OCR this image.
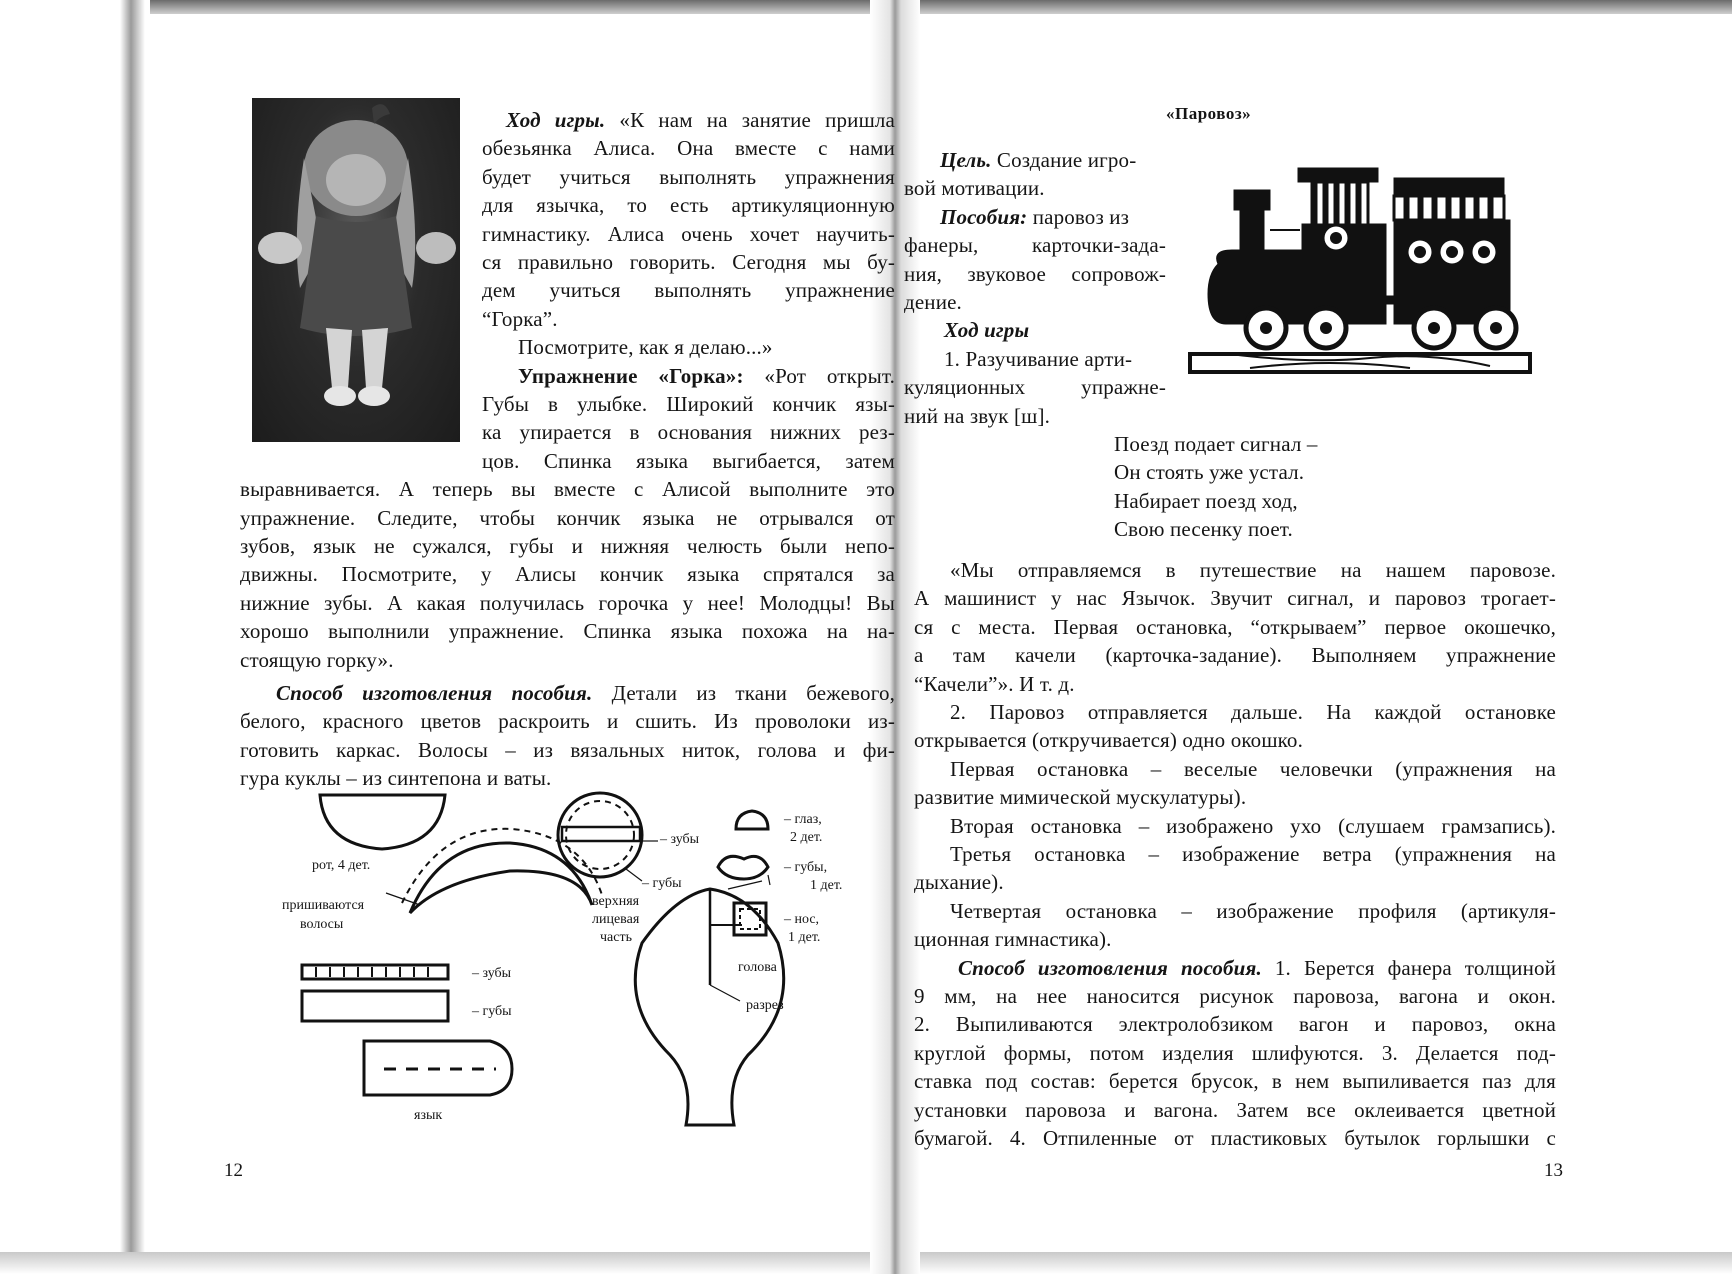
Ход игры. «К нам на занятие пришла
обезьянка Алиса. Она вместе с нами
будет учиться выполнять упражнения
для язычка, то есть артикуляционную
гимнастику. Алиса очень хочет научить-
ся правильно говорить. Сегодня мы бу-
дем учиться выполнять упражнение
“Горка”.
Посмотрите, как я делаю...»
Упражнение «Горка»: «Рот открыт.
Губы в улыбке. Широкий кончик язы-
ка упирается в основания нижних рез-
цов. Спинка языка выгибается, затем
выравнивается. А теперь вы вместе с Алисой выполните это
упражнение. Следите, чтобы кончик языка не отрывался от
зубов, язык не сужался, губы и нижняя челюсть были непо-
движны. Посмотрите, у Алисы кончик языка спрятался за
нижние зубы. А какая получилась горочка у нее! Молодцы! Вы
хорошо выполнили упражнение. Спинка языка похожа на на-
стоящую горку».
Способ изготовления пособия. Детали из ткани бежевого,
белого, красного цветов раскроить и сшить. Из проволоки из-
готовить каркас. Волосы – из вязальных ниток, голова и фи-
гура куклы – из синтепона и ваты.
рот, 4 дет.
пришиваются
волосы
– зубы
– губы
верхняя
лицевая
часть
– глаз,
2 дет.
– губы,
1 дет.
– нос,
1 дет.
– зубы
– губы
голова
разрез
язык
12
«Паровоз»
Цель. Создание игро-
вой мотивации.
Пособия: паровоз из
фанеры, карточки-зада-
ния, звуковое сопровож-
дение.
Ход игры
1. Разучивание арти-
куляционных упражне-
ний на звук [ш].
Поезд подает сигнал –
Он стоять уже устал.
Набирает поезд ход,
Свою песенку поет.
«Мы отправляемся в путешествие на нашем паровозе.
А машинист у нас Язычок. Звучит сигнал, и паровоз трогает-
ся с места. Первая остановка, “открываем” первое окошечко,
а там качели (карточка-задание). Выполняем упражнение
“Качели”». И т. д.
2. Паровоз отправляется дальше. На каждой остановке
открывается (откручивается) одно окошко.
Первая остановка – веселые человечки (упражнения на
развитие мимической мускулатуры).
Вторая остановка – изображено ухо (слушаем грамзапись).
Третья остановка – изображение ветра (упражнения на
дыхание).
Четвертая остановка – изображение профиля (артикуля-
ционная гимнастика).
Способ изготовления пособия. 1. Берется фанера толщиной
9 мм, на нее наносится рисунок паровоза, вагона и окон.
2. Выпиливаются электролобзиком вагон и паровоз, окна
круглой формы, потом изделия шлифуются. 3. Делается под-
ставка под состав: берется брусок, в нем выпиливается паз для
установки паровоза и вагона. Затем все оклеивается цветной
бумагой. 4. Отпиленные от пластиковых бутылок горлышки с
13
